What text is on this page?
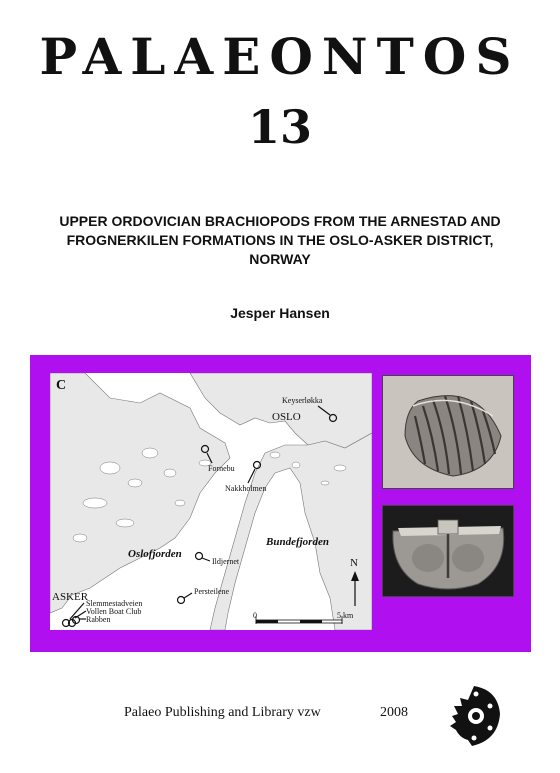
PALAEONTOS
13
UPPER ORDOVICIAN BRACHIOPODS FROM THE ARNESTAD AND
FROGNERKILEN FORMATIONS IN THE OSLO-ASKER DISTRICT,
NORWAY
Jesper Hansen
C
OSLO
ASKER
Oslofjorden
Bundefjorden
N
Keyserløkka
Fornebu
Nakkholmen
Ildjernet
Persteilene
Slemmestadveien
Vollen Boat Club
Rabben	0	5 km
Palaeo Publishing and Library vzw	2008
